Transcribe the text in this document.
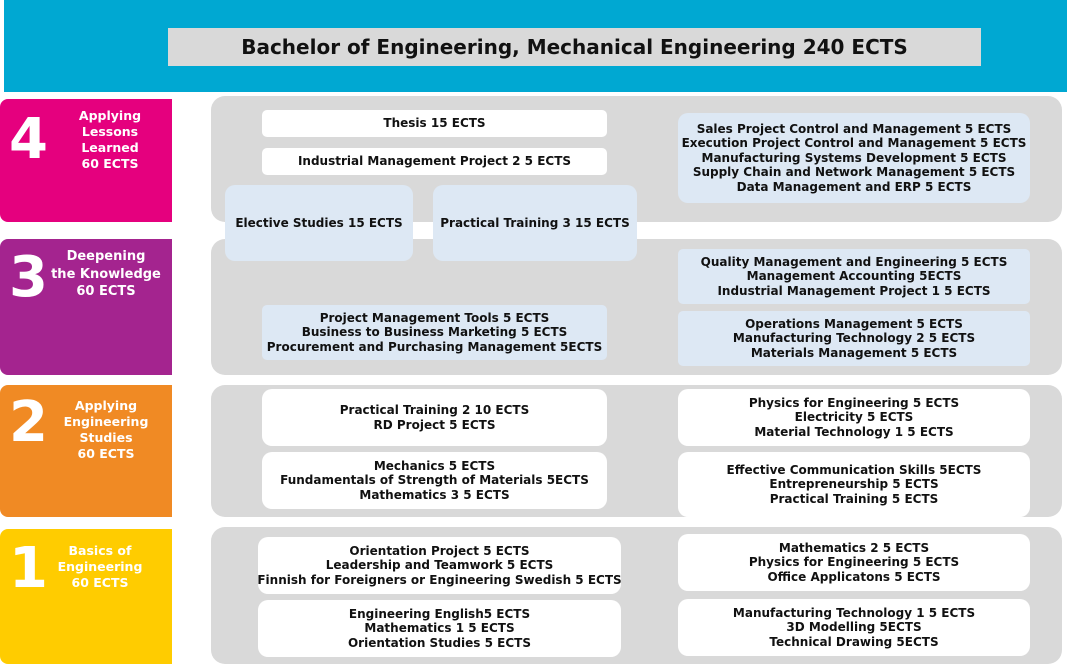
Bachelor of Engineering, Mechanical Engineering 240 ECTS
4	Applying
Lessons
Learned
60 ECTS
3	Deepening
the Knowledge
60 ECTS
2	Applying
Engineering
Studies
60 ECTS
1	Basics of
Engineering
60 ECTS
Thesis 15 ECTS
Industrial Management Project 2 5 ECTS
Elective Studies 15 ECTS	Practical Training 3 15 ECTS
Sales Project Control and Management 5 ECTS
Execution Project Control and Management 5 ECTS
Manufacturing Systems Development 5 ECTS
Supply Chain and Network Management 5 ECTS
Data Management and ERP 5 ECTS
Project Management Tools 5 ECTS
Business to Business Marketing 5 ECTS
Procurement and Purchasing Management 5ECTS
Quality Management and Engineering 5 ECTS
Management Accounting 5ECTS
Industrial Management Project 1 5 ECTS
Operations Management 5 ECTS
Manufacturing Technology 2 5 ECTS
Materials Management 5 ECTS
Practical Training 2 10 ECTS
RD Project 5 ECTS
Mechanics 5 ECTS
Fundamentals of Strength of Materials 5ECTS
Mathematics 3 5 ECTS
Physics for Engineering 5 ECTS
Electricity 5 ECTS
Material Technology 1 5 ECTS
Effective Communication Skills 5ECTS
Entrepreneurship 5 ECTS
Practical Training 5 ECTS
Orientation Project 5 ECTS
Leadership and Teamwork 5 ECTS
Finnish for Foreigners or Engineering Swedish 5 ECTS
Engineering English5 ECTS
Mathematics 1 5 ECTS
Orientation Studies 5 ECTS
Mathematics 2 5 ECTS
Physics for Engineering 5 ECTS
Office Applicatons 5 ECTS
Manufacturing Technology 1 5 ECTS
3D Modelling 5ECTS
Technical Drawing 5ECTS
